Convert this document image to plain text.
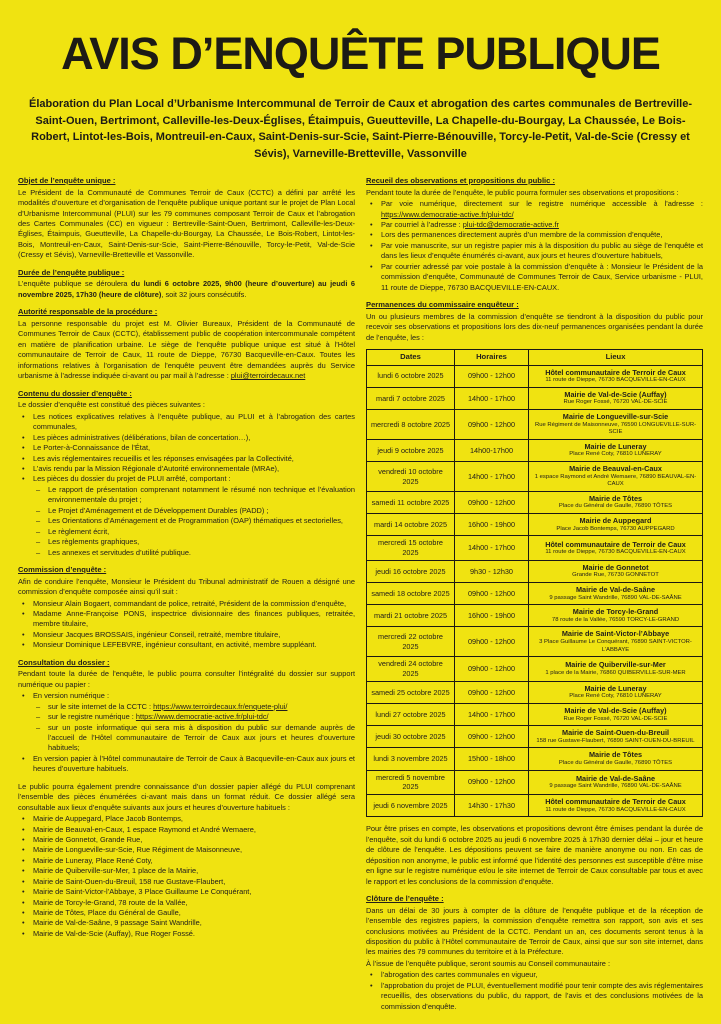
AVIS D’ENQUÊTE PUBLIQUE

Élaboration du Plan Local d’Urbanisme Intercommunal de Terroir de Caux et abrogation des cartes communales de Bertreville-Saint-Ouen, Bertrimont, Calleville-les-Deux-Églises, Étaimpuis, Gueutteville, La Chapelle-du-Bourgay, La Chaussée, Le Bois-Robert, Lintot-les-Bois, Montreuil-en-Caux, Saint-Denis-sur-Scie, Saint-Pierre-Bénouville, Torcy-le-Petit, Val-de-Scie (Cressy et Sévis), Varneville-Bretteville, Vassonville

Objet de l’enquête unique :

Le Président de la Communauté de Communes Terroir de Caux (CCTC) a défini par arrêté les modalités d’ouverture et d’organisation de l’enquête publique unique portant sur le projet de Plan Local d’Urbanisme Intercommunal (PLUI) sur les 79 communes composant Terroir de Caux et l’abrogation des Cartes Communales (CC) en vigueur : Bertreville-Saint-Ouen, Bertrimont, Calleville-les-Deux-Églises, Étaimpuis, Gueutteville, La Chapelle-du-Bourgay, La Chaussée, Le Bois-Robert, Lintot-les-Bois, Montreuil-en-Caux, Saint-Denis-sur-Scie, Saint-Pierre-Bénouville, Torcy-le-Petit, Val-de-Scie (Cressy et Sévis), Varneville-Bretteville et Vassonville.

Durée de l’enquête publique :

L’enquête publique se déroulera du lundi 6 octobre 2025, 9h00 (heure d’ouverture) au jeudi 6 novembre 2025, 17h30 (heure de clôture), soit 32 jours consécutifs.

Autorité responsable de la procédure :

La personne responsable du projet est M. Olivier Bureaux, Président de la Communauté de Communes Terroir de Caux (CCTC), établissement public de coopération intercommunale compétent en matière de planification urbaine. Le siège de l’enquête publique unique est situé à l’Hôtel communautaire de Terroir de Caux, 11 route de Dieppe, 76730 Bacqueville-en-Caux. Toutes les informations relatives à l’organisation de l’enquête peuvent être demandées auprès du Service urbanisme à l’adresse indiquée ci-avant ou par mail à l’adresse : plui@terroirdecaux.net

Contenu du dossier d’enquête :

Le dossier d’enquête est constitué des pièces suivantes :

• Les notices explicatives relatives à l’enquête publique, au PLUI et à l’abrogation des cartes communales,
• Les pièces administratives (délibérations, bilan de concertation…),
• Le Porter-à-Connaissance de l’État,
• Les avis réglementaires recueillis et les réponses envisagées par la Collectivité,
• L’avis rendu par la Mission Régionale d’Autorité environnementale (MRAe),
• Les pièces du dossier du projet de PLUI arrêté, comportant :
– Le rapport de présentation comprenant notamment le résumé non technique et l’évaluation environnementale du projet ;
– Le Projet d’Aménagement et de Développement Durables (PADD) ;
– Les Orientations d’Aménagement et de Programmation (OAP) thématiques et sectorielles,
– Le règlement écrit,
– Les règlements graphiques,
– Les annexes et servitudes d’utilité publique.
Commission d’enquête :

Afin de conduire l’enquête, Monsieur le Président du Tribunal administratif de Rouen a désigné une commission d’enquête composée ainsi qu’il suit :

• Monsieur Alain Bogaert, commandant de police, retraité, Président de la commission d’enquête,
• Madame Anne-Françoise PONS, inspectrice divisionnaire des finances publiques, retraitée, membre titulaire,
• Monsieur Jacques BROSSAIS, ingénieur Conseil, retraité, membre titulaire,
• Monsieur Dominique LEFEBVRE, ingénieur consultant, en activité, membre suppléant.
Consultation du dossier :

Pendant toute la durée de l’enquête, le public pourra consulter l’intégralité du dossier sur support numérique ou papier :

• En version numérique :
– sur le site internet de la CCTC : https://www.terroirdecaux.fr/enquete-plui/
– sur le registre numérique : https://www.democratie-active.fr/plui-tdc/
– sur un poste informatique qui sera mis à disposition du public sur demande auprès de l’accueil de l’Hôtel communautaire de Terroir de Caux aux jours et heures d’ouverture habituels;
• En version papier à l’Hôtel communautaire de Terroir de Caux à Bacqueville-en-Caux aux jours et heures d’ouverture habituels.

Le public pourra également prendre connaissance d’un dossier papier allégé du PLUI comprenant l’ensemble des pièces énumérées ci-avant mais dans un format réduit. Ce dossier allégé sera consultable aux lieux d’enquête suivants aux jours et heures d’ouverture habituels :

• Mairie de Auppegard, Place Jacob Bontemps,
• Mairie de Beauval-en-Caux, 1 espace Raymond et André Wemaere,
• Mairie de Gonnetot, Grande Rue,
• Mairie de Longueville-sur-Scie, Rue Régiment de Maisonneuve,
• Mairie de Luneray, Place René Coty,
• Mairie de Quiberville-sur-Mer, 1 place de la Mairie,
• Mairie de Saint-Ouen-du-Breuil, 158 rue Gustave-Flaubert,
• Mairie de Saint-Victor-l’Abbaye, 3 Place Guillaume Le Conquérant,
• Mairie de Torcy-le-Grand, 78 route de la Vallée,
• Mairie de Tôtes, Place du Général de Gaulle,
• Mairie de Val-de-Saâne, 9 passage Saint Wandrille,
• Mairie de Val-de-Scie (Auffay), Rue Roger Fossé.
Recueil des observations et propositions du public :

Pendant toute la durée de l’enquête, le public pourra formuler ses observations et propositions :

• Par voie numérique, directement sur le registre numérique accessible à l’adresse : https://www.democratie-active.fr/plui-tdc/
• Par courriel à l’adresse : plui-tdc@democratie-active.fr
• Lors des permanences directement auprès d’un membre de la commission d’enquête,
• Par voie manuscrite, sur un registre papier mis à la disposition du public au siège de l’enquête et dans les lieux d’enquête énumérés ci-avant, aux jours et heures d’ouverture habituels,
• Par courrier adressé par voie postale à la commission d’enquête à : Monsieur le Président de la commission d’enquête, Communauté de Communes Terroir de Caux, Service urbanisme - PLUI, 11 route de Dieppe, 76730 BACQUEVILLE-EN-CAUX.
Permanences du commissaire enquêteur :

Un ou plusieurs membres de la commission d’enquête se tiendront à la disposition du public pour recevoir ses observations et propositions lors des dix-neuf permanences organisées pendant la durée de l’enquête, les :

Dates	Horaires	Lieux
lundi 6 octobre 2025	09h00 - 12h00	Hôtel communautaire de Terroir de Caux
11 route de Dieppe, 76730 BACQUEVILLE-EN-CAUX

mardi 7 octobre 2025	14h00 - 17h00	Mairie de Val-de-Scie (Auffay)
Rue Roger Fossé, 76720 VAL-DE-SCIE

mercredi 8 octobre 2025	09h00 - 12h00	Mairie de Longueville-sur-Scie
Rue Régiment de Maisonneuve, 76590 LONGUEVILLE-SUR-SCIE

jeudi 9 octobre 2025	14h00-17h00	Mairie de Luneray
Place René Coty, 76810 LUNERAY

vendredi 10 octobre 2025	14h00 - 17h00	Mairie de Beauval-en-Caux
1 espace Raymond et André Wemaere, 76890 BEAUVAL-EN-CAUX

samedi 11 octobre 2025	09h00 - 12h00	Mairie de Tôtes
Place du Général de Gaulle, 76890 TÔTES

mardi 14 octobre 2025	16h00 - 19h00	Mairie de Auppegard
Place Jacob Bontemps, 76730 AUPPEGARD

mercredi 15 octobre 2025	14h00 - 17h00	Hôtel communautaire de Terroir de Caux
11 route de Dieppe, 76730 BACQUEVILLE-EN-CAUX

jeudi 16 octobre 2025	9h30 - 12h30	Mairie de Gonnetot
Grande Rue, 76730 GONNETOT

samedi 18 octobre 2025	09h00 - 12h00	Mairie de Val-de-Saâne
9 passage Saint Wandrille, 76890 VAL-DE-SAÂNE

mardi 21 octobre 2025	16h00 - 19h00	Mairie de Torcy-le-Grand
78 route de la Vallée, 76590 TORCY-LE-GRAND

mercredi 22 octobre 2025	09h00 - 12h00	Mairie de Saint-Victor-l’Abbaye
3 Place Guillaume Le Conquérant, 76890 SAINT-VICTOR-L’ABBAYE

vendredi 24 octobre 2025	09h00 - 12h00	Mairie de Quiberville-sur-Mer
1 place de la Mairie, 76860 QUIBERVILLE-SUR-MER

samedi 25 octobre 2025	09h00 - 12h00	Mairie de Luneray
Place René Coty, 76810 LUNERAY

lundi 27 octobre 2025	14h00 - 17h00	Mairie de Val-de-Scie (Auffay)
Rue Roger Fossé, 76720 VAL-DE-SCIE

jeudi 30 octobre 2025	09h00 - 12h00	Mairie de Saint-Ouen-du-Breuil
158 rue Gustave-Flaubert, 76890 SAINT-OUEN-DU-BREUIL

lundi 3 novembre 2025	15h00 - 18h00	Mairie de Tôtes
Place du Général de Gaulle, 76890 TÔTES

mercredi 5 novembre 2025	09h00 - 12h00	Mairie de Val-de-Saâne
9 passage Saint Wandrille, 76890 VAL-DE-SAÂNE

jeudi 6 novembre 2025	14h30 - 17h30	Hôtel communautaire de Terroir de Caux
11 route de Dieppe, 76730 BACQUEVILLE-EN-CAUX

Pour être prises en compte, les observations et propositions devront être émises pendant la durée de l’enquête, soit du lundi 6 octobre 2025 au jeudi 6 novembre 2025 à 17h30 dernier délai – jour et heure de clôture de l’enquête. Les dépositions peuvent se faire de manière anonyme ou non. En cas de déposition non anonyme, le public est informé que l’identité des personnes est susceptible d’être mise en ligne sur le registre numérique et/ou le site internet de Terroir de Caux consultable par tous et avec le rapport et les conclusions de la commission d’enquête.

Clôture de l’enquête :

Dans un délai de 30 jours à compter de la clôture de l’enquête publique et de la réception de l’ensemble des registres papiers, la commission d’enquête remettra son rapport, son avis et ses conclusions motivées au Président de la CCTC. Pendant un an, ces documents seront tenus à la disposition du public à l’Hôtel communautaire de Terroir de Caux, ainsi que sur son site internet, dans les mairies des 79 communes du territoire et à la Préfecture.

À l’issue de l’enquête publique, seront soumis au Conseil communautaire :

• l’abrogation des cartes communales en vigueur,
• l’approbation du projet de PLUI, éventuellement modifié pour tenir compte des avis réglementaires recueillis, des observations du public, du rapport, de l’avis et des conclusions motivées de la commission d’enquête.
